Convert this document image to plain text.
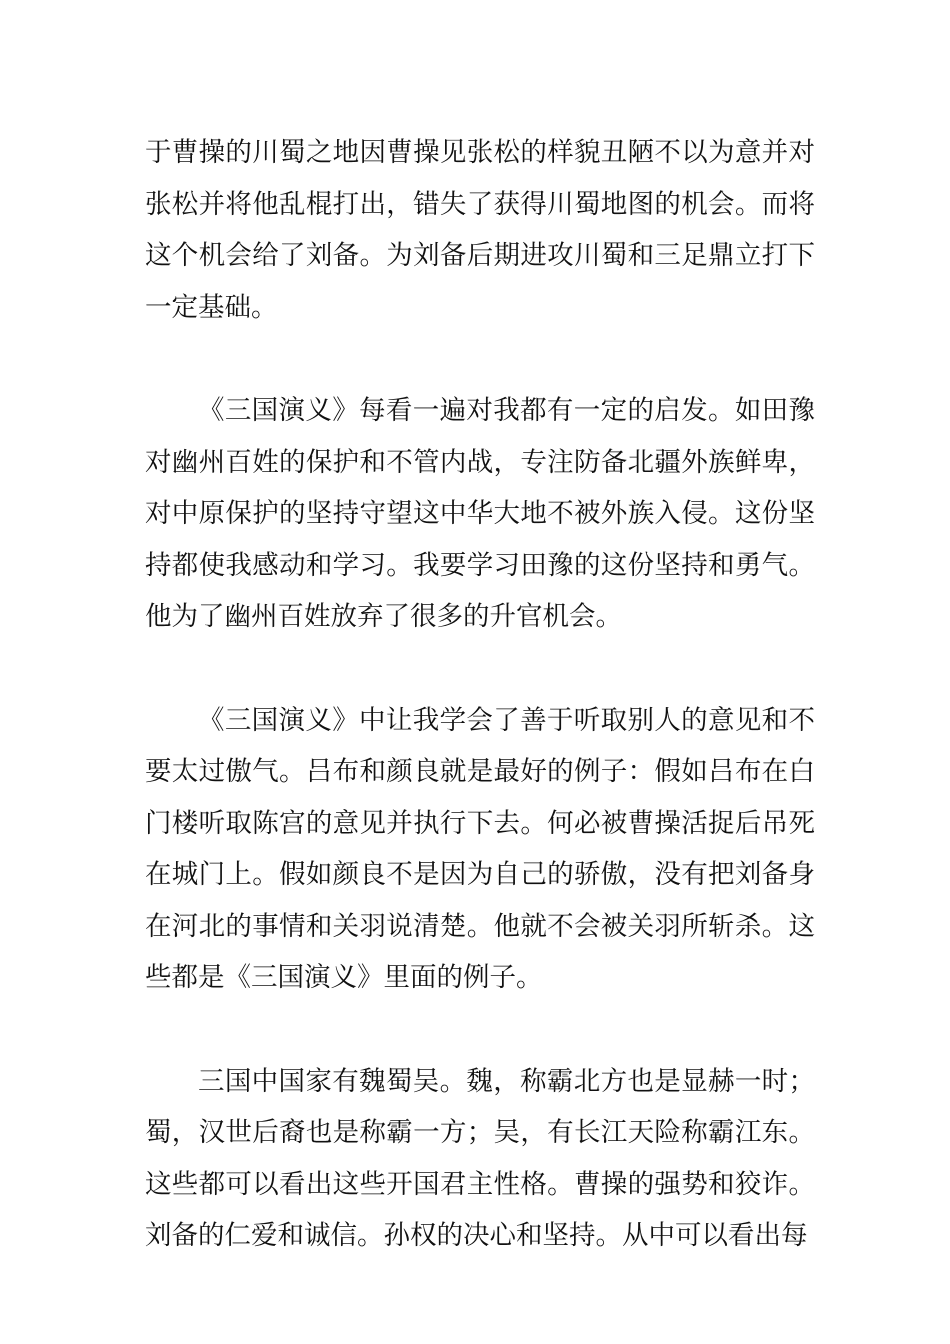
于曹操的川蜀之地因曹操见张松的样貌丑陋不以为意并对张松并将他乱棍打出，错失了获得川蜀地图的机会。而将这个机会给了刘备。为刘备后期进攻川蜀和三足鼎立打下一定基础。

《三国演义》每看一遍对我都有一定的启发。如田豫对幽州百姓的保护和不管内战，专注防备北疆外族鲜卑，对中原保护的坚持守望这中华大地不被外族入侵。这份坚持都使我感动和学习。我要学习田豫的这份坚持和勇气。他为了幽州百姓放弃了很多的升官机会。

《三国演义》中让我学会了善于听取别人的意见和不要太过傲气。吕布和颜良就是最好的例子：假如吕布在白门楼听取陈宫的意见并执行下去。何必被曹操活捉后吊死在城门上。假如颜良不是因为自己的骄傲，没有把刘备身在河北的事情和关羽说清楚。他就不会被关羽所斩杀。这些都是《三国演义》里面的例子。

三国中国家有魏蜀吴。魏，称霸北方也是显赫一时；蜀，汉世后裔也是称霸一方；吴，有长江天险称霸江东。这些都可以看出这些开国君主性格。曹操的强势和狡诈。刘备的仁爱和诚信。孙权的决心和坚持。从中可以看出每
